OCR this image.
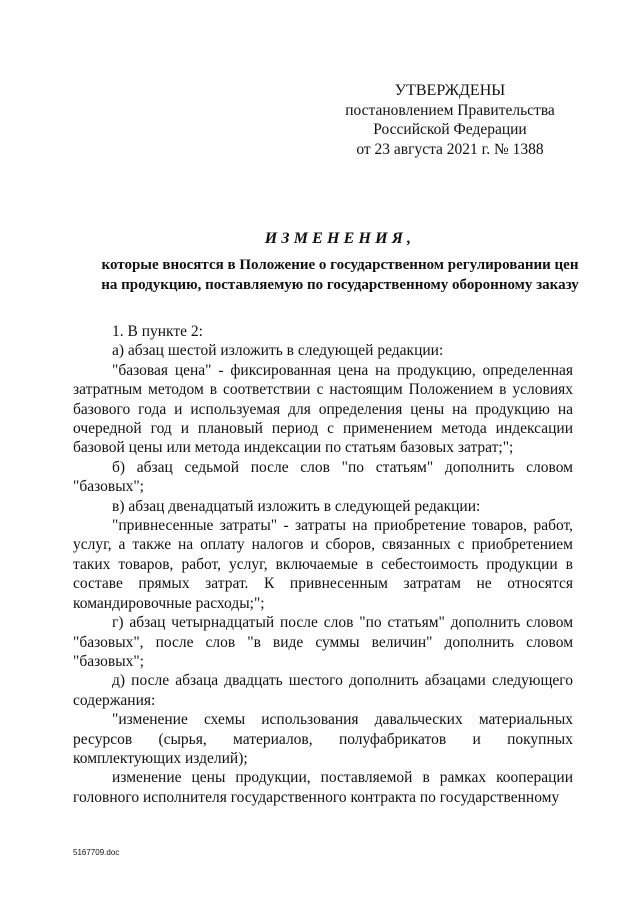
УТВЕРЖДЕНЫ
постановлением Правительства
Российской Федерации
от 23 августа 2021 г. № 1388
ИЗМЕНЕНИЯ,
которые вносятся в Положение о государственном регулировании цен
на продукцию, поставляемую по государственному оборонному заказу

1. В пункте 2:

а) абзац шестой изложить в следующей редакции:

"базовая цена" - фиксированная цена на продукцию, определенная затратным методом в соответствии с настоящим Положением в условиях базового года и используемая для определения цены на продукцию на очередной год и плановый период с применением метода индексации базовой цены или метода индексации по статьям базовых затрат;";

б) абзац седьмой после слов "по статьям" дополнить словом "базовых";

в) абзац двенадцатый изложить в следующей редакции:

"привнесенные затраты" - затраты на приобретение товаров, работ, услуг, а также на оплату налогов и сборов, связанных с приобретением таких товаров, работ, услуг, включаемые в себестоимость продукции в составе прямых затрат. К привнесенным затратам не относятся командировочные расходы;";

г) абзац четырнадцатый после слов "по статьям" дополнить словом "базовых", после слов "в виде суммы величин" дополнить словом "базовых";

д) после абзаца двадцать шестого дополнить абзацами следующего содержания:

"изменение схемы использования давальческих материальных
ресурсов (сырья, материалов, полуфабрикатов и покупных
комплектующих изделий);

изменение цены продукции, поставляемой в рамках кооперации головного исполнителя государственного контракта по государственному

5167709.doc
